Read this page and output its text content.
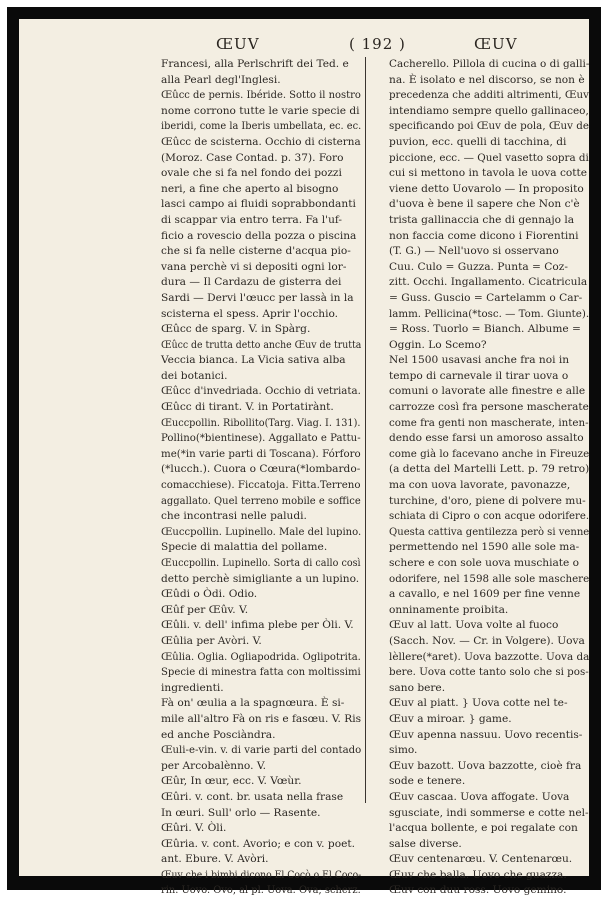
ŒUV	( 192 )	ŒUV
Francesi, alla Perlschrift dei Ted. e
alla Pearl degl'Inglesi.
Œûcc de pernis. Ibéride. Sotto il nostro
nome corrono tutte le varie specie di
iberidi, come la Iberis umbellata, ec. ec.
Œûcc de scisterna. Occhio di cisterna
(Moroz. Case Contad. p. 37). Foro
ovale che si fa nel fondo dei pozzi
neri, a fine che aperto al bisogno
lasci campo ai fluidi soprabbondanti
di scappar via entro terra. Fa l'uf-
ficio a rovescio della pozza o piscina
che si fa nelle cisterne d'acqua pio-
vana perchè vi si depositi ogni lor-
dura — Il Cardazu de gisterra dei
Sardi — Dervi l'œucc per lassà in la
scisterna el spess. Aprir l'occhio.
Œûcc de sparg. V. in Spàrg.
Œûcc de trutta detto anche Œuv de trutta
Veccia bianca. La Vicia sativa alba
dei botanici.
Œûcc d'invedriada. Occhio di vetriata.
Œûcc di tirant. V. in Portatirànt.
Œuccpollin. Ribollito(Targ. Viag. I. 131).
Pollino(*bientinese). Aggallato e Pattu-
me(*in varie parti di Toscana). Fórforo
(*lucch.). Cuora o Cœura(*lombardo-
comacchiese). Ficcatoja. Fitta.Terreno
aggallato. Quel terreno mobile e soffice
che incontrasi nelle paludi.
Œuccpollin. Lupinello. Male del lupino.
Specie di malattia del pollame.
Œuccpollin. Lupinello. Sorta di callo così
detto perchè simigliante a un lupino.
Œûdi o Òdi. Odio.
Œûf per Œûv. V.
Œûli. v. dell' infima plebe per Òli. V.
Œûlia per Avòri. V.
Œûlia. Oglia. Ogliapodrida. Oglipotrita.
Specie di minestra fatta con moltissimi
ingredienti.
Fà on' œulia a la spagnœura. È si-
mile all'altro Fà on ris e fasœu. V. Ris
ed anche Posciàndra.
Œuli-e-vin. v. di varie parti del contado
per Arcobalènno. V.
Œûr, In œur, ecc. V. Vœùr.
Œûri. v. cont. br. usata nella frase
In œuri. Sull' orlo — Rasente.
Œûri. V. Òli.
Œûria. v. cont. Avorio; e con v. poet.
ant. Ebure. V. Avòri.
Œuv che i bimbi dicono El Cocò o El Coco-
rin. Uovo. Ovo, al pl. Uova. Ova; scherz.
Cacherello. Pillola di cucina o di galli-
na. È isolato e nel discorso, se non è
precedenza che additi altrimenti, Œuv
intendiamo sempre quello gallinaceo,
specificando poi Œuv de pola, Œuv de
puvion, ecc. quelli di tacchina, di
piccione, ecc. — Quel vasetto sopra di
cui si mettono in tavola le uova cotte
viene detto Uovarolo — In proposito
d'uova è bene il sapere che Non c'è
trista gallinaccia che di gennajo la
non faccia come dicono i Fiorentini
(T. G.) — Nell'uovo si osservano
Cuu. Culo = Guzza. Punta = Coz-
zitt. Occhi. Ingallamento. Cicatricula
= Guss. Guscio = Cartelamm o Car-
lamm. Pellicina(*tosc. — Tom. Giunte).
= Ross. Tuorlo = Bianch. Albume =
Oggin. Lo Scemo?
Nel 1500 usavasi anche fra noi in
tempo di carnevale il tirar uova o
comuni o lavorate alle finestre e alle
carrozze così fra persone mascherate
come fra genti non mascherate, inten-
dendo esse farsi un amoroso assalto
come già lo facevano anche in Fireuze
(a detta del Martelli Lett. p. 79 retro)
ma con uova lavorate, pavonazze,
turchine, d'oro, piene di polvere mu-
schiata di Cipro o con acque odorifere.
Questa cattiva gentilezza però si venne
permettendo nel 1590 alle sole ma-
schere e con sole uova muschiate o
odorifere, nel 1598 alle sole maschere
a cavallo, e nel 1609 per fine venne
onninamente proibita.
Œuv al latt. Uova volte al fuoco
(Sacch. Nov. — Cr. in Volgere). Uova
lèllere(*aret). Uova bazzotte. Uova da
bere. Uova cotte tanto solo che si pos-
sano bere.
Œuv al piatt. } Uova cotte nel te-
Œuv a miroar. } game.
Œuv apenna nassuu. Uovo recentis-
simo.
Œuv bazott. Uova bazzotte, cioè fra
sode e tenere.
Œuv cascaa. Uova affogate. Uova
sgusciate, indi sommerse e cotte nel-
l'acqua bollente, e poi regalate con
salse diverse.
Œuv centenarœu. V. Centenarœu.
Œuv che balla. Uovo che guazza.
Œuv con duu ross. Uovo gemino.
